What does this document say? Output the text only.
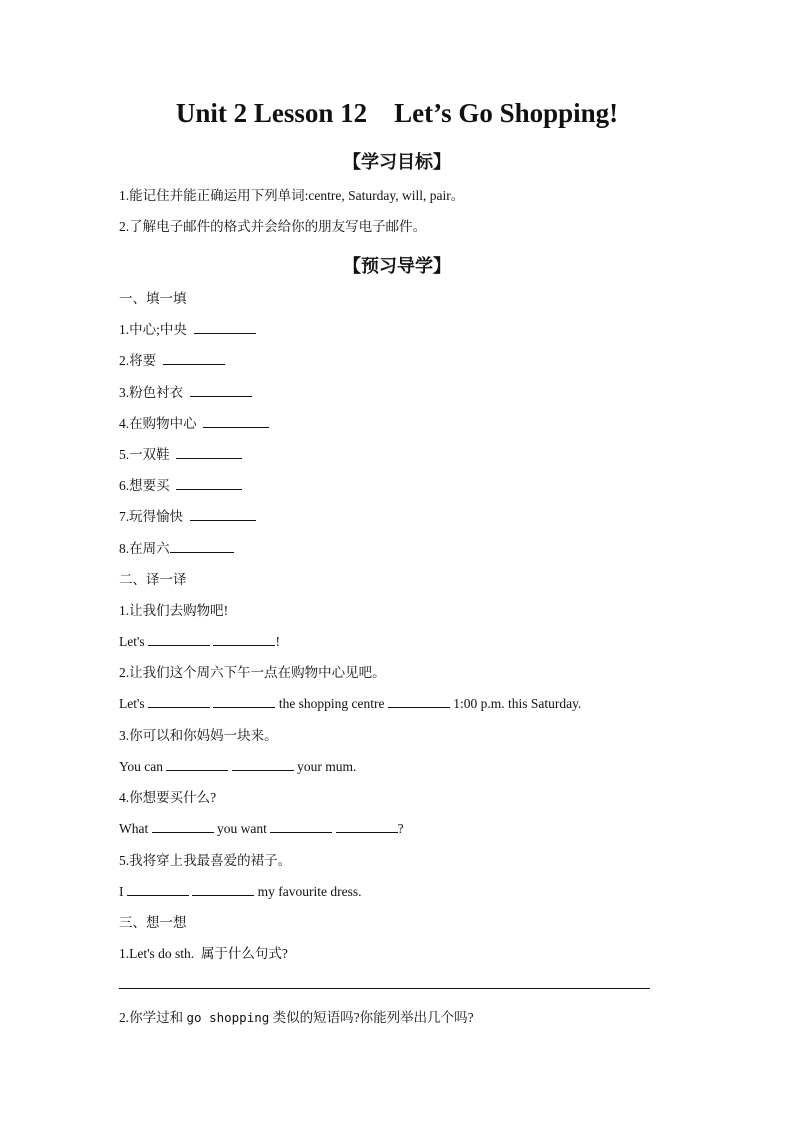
Unit 2 Lesson 12    Let’s Go Shopping!
【学习目标】
1.能记住并能正确运用下列单词:centre, Saturday, will, pair。
2.了解电子邮件的格式并会给你的朋友写电子邮件。
【预习导学】
一、填一填
1.中心;中央
2.将要
3.粉色衬衣
4.在购物中心
5.一双鞋
6.想要买
7.玩得愉快
8.在周六
二、译一译
1.让我们去购物吧!
Let's	!
2.让我们这个周六下午一点在购物中心见吧。
Let's	the shopping centre	1:00 p.m. this Saturday.
3.你可以和你妈妈一块来。
You can	your mum.
4.你想要买什么?
What	you want	?
5.我将穿上我最喜爱的裙子。
I	my favourite dress.
三、想一想
1.Let's do sth.  属于什么句式?
2.你学过和 go shopping 类似的短语吗?你能列举出几个吗?
